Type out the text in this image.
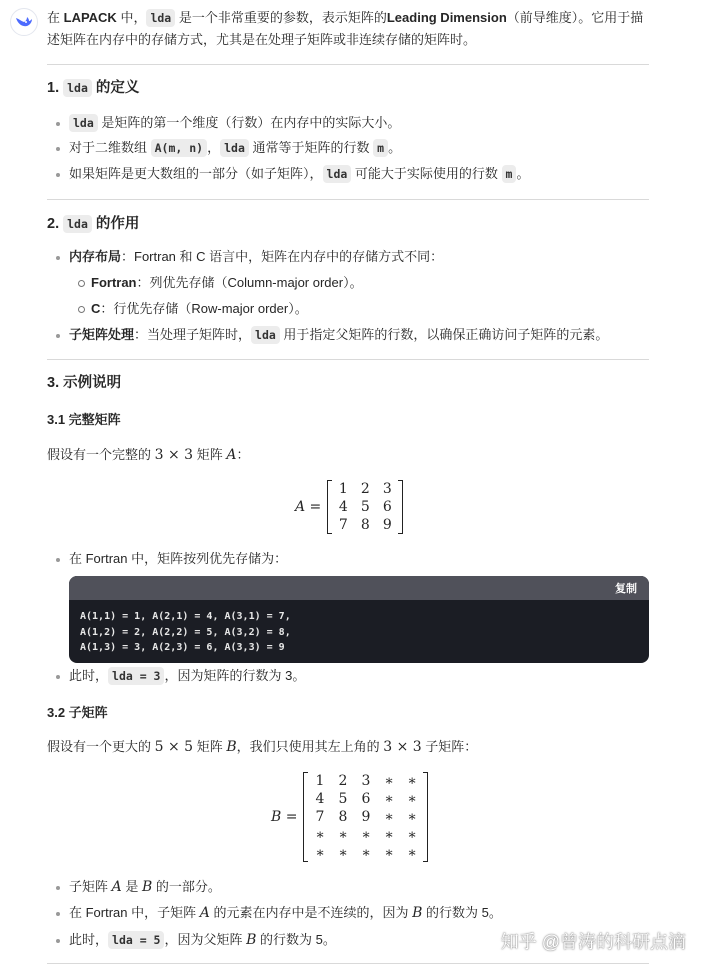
在 LAPACK 中， lda 是一个非常重要的参数，表示矩阵的Leading Dimension（前导维度）。它用于描
述矩阵在内存中的存储方式，尤其是在处理子矩阵或非连续存储的矩阵时。
1. lda 的定义
lda 是矩阵的第一个维度（行数）在内存中的实际大小。
对于二维数组 A(m, n) ， lda 通常等于矩阵的行数 m 。
如果矩阵是更大数组的一部分（如子矩阵）， lda 可能大于实际使用的行数 m 。
2. lda 的作用
内存布局：Fortran 和 C 语言中，矩阵在内存中的存储方式不同：
Fortran：列优先存储（Column-major order）。
C：行优先存储（Row-major order）。
子矩阵处理：当处理子矩阵时， lda 用于指定父矩阵的行数，以确保正确访问子矩阵的元素。
3. 示例说明
3.1 完整矩阵
假设有一个完整的 3 × 3 矩阵 A：
A =
1 2 3
4 5 6
7 8 9
在 Fortran 中，矩阵按列优先存储为：
复制
A(1,1) = 1, A(2,1) = 4, A(3,1) = 7,
A(1,2) = 2, A(2,2) = 5, A(3,2) = 8,
A(1,3) = 3, A(2,3) = 6, A(3,3) = 9
此时， lda = 3 ，因为矩阵的行数为 3。
3.2 子矩阵
假设有一个更大的 5 × 5 矩阵 B，我们只使用其左上角的 3 × 3 子矩阵：
B =
1	2	3 ∗ ∗
4	5	6 ∗ ∗
7	8	9 ∗ ∗
∗ ∗ ∗ ∗ ∗
∗ ∗ ∗ ∗ ∗
子矩阵 A 是 B 的一部分。
在 Fortran 中，子矩阵 A 的元素在内存中是不连续的，因为 B 的行数为 5。
此时， lda = 5 ，因为父矩阵 B 的行数为 5。	知乎 @曾涛的科研点滴
